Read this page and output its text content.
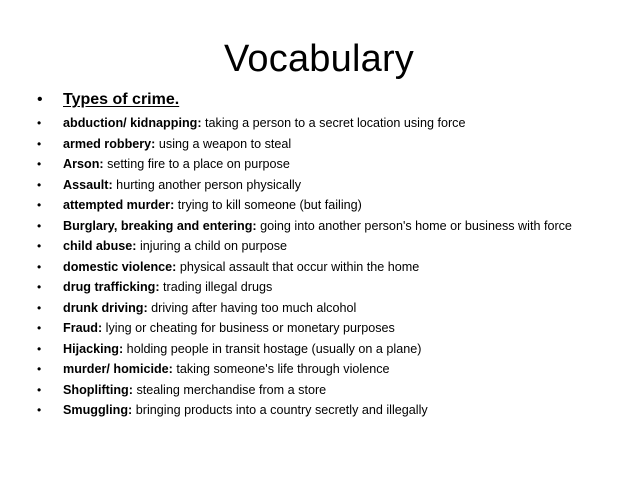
Vocabulary
• Types of crime.
• abduction/ kidnapping: taking a person to a secret location using force
• armed robbery: using a weapon to steal
• Arson: setting fire to a place on purpose
• Assault: hurting another person physically
• attempted murder: trying to kill someone (but failing)
• Burglary, breaking and entering: going into another person's home or business with force
• child abuse: injuring a child on purpose
• domestic violence: physical assault that occur within the home
• drug trafficking: trading illegal drugs
• drunk driving: driving after having too much alcohol
• Fraud: lying or cheating for business or monetary purposes
• Hijacking: holding people in transit hostage (usually on a plane)
• murder/ homicide: taking someone's life through violence
• Shoplifting: stealing merchandise from a store
• Smuggling: bringing products into a country secretly and illegally
